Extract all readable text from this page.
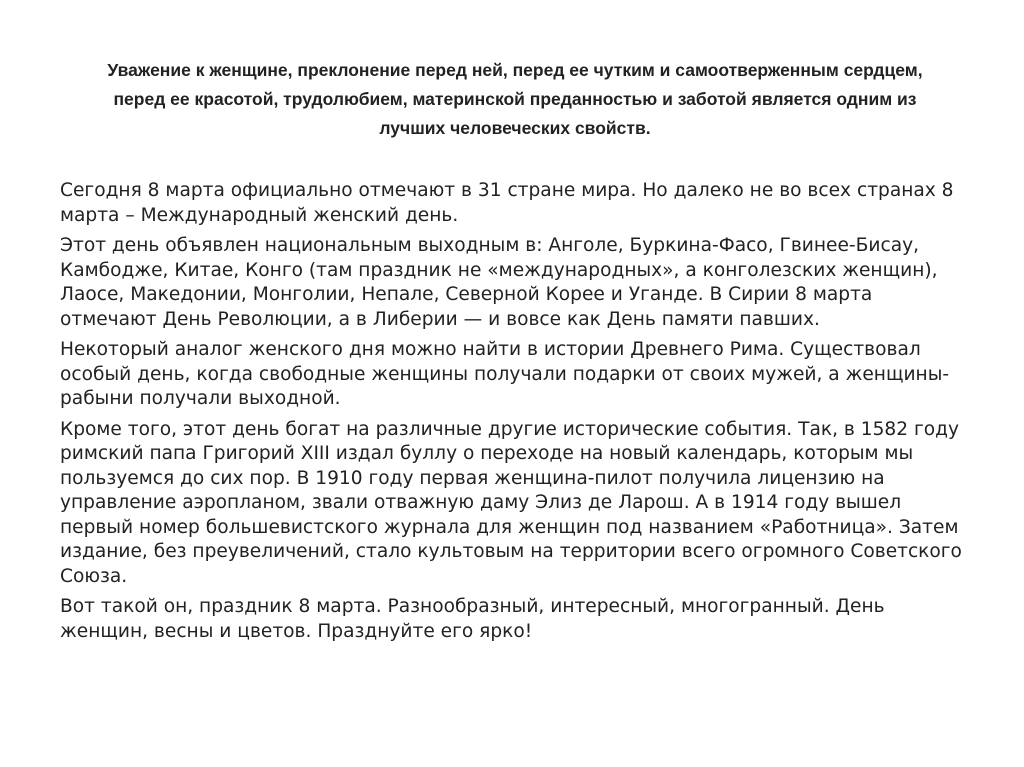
Уважение к женщине, преклонение перед ней, перед ее чутким и самоотверженным сердцем, перед ее красотой, трудолюбием, материнской преданностью и заботой является одним из лучших человеческих свойств.

Сегодня 8 марта официально отмечают в 31 стране мира. Но далеко не во всех странах 8 марта – Международный женский день.

Этот день объявлен национальным выходным в: Анголе, Буркина-Фасо, Гвинее-Бисау, Камбодже, Китае, Конго (там праздник не «международных», а конголезских женщин), Лаосе, Македонии, Монголии, Непале, Северной Корее и Уганде. В Сирии 8 марта отмечают День Революции, а в Либерии — и вовсе как День памяти павших.

Некоторый аналог женского дня можно найти в истории Древнего Рима. Существовал особый день, когда свободные женщины получали подарки от своих мужей, а женщины-рабыни получали выходной.

Кроме того, этот день богат на различные другие исторические события. Так, в 1582 году римский папа Григорий XIII издал буллу о переходе на новый календарь, которым мы пользуемся до сих пор. В 1910 году первая женщина-пилот получила лицензию на управление аэропланом, звали отважную даму Элиз де Ларош. А в 1914 году вышел первый номер большевистского журнала для женщин под названием «Работница». Затем издание, без преувеличений, стало культовым на территории всего огромного Советского Союза.

Вот такой он, праздник 8 марта. Разнообразный, интересный, многогранный. День женщин, весны и цветов. Празднуйте его ярко!
